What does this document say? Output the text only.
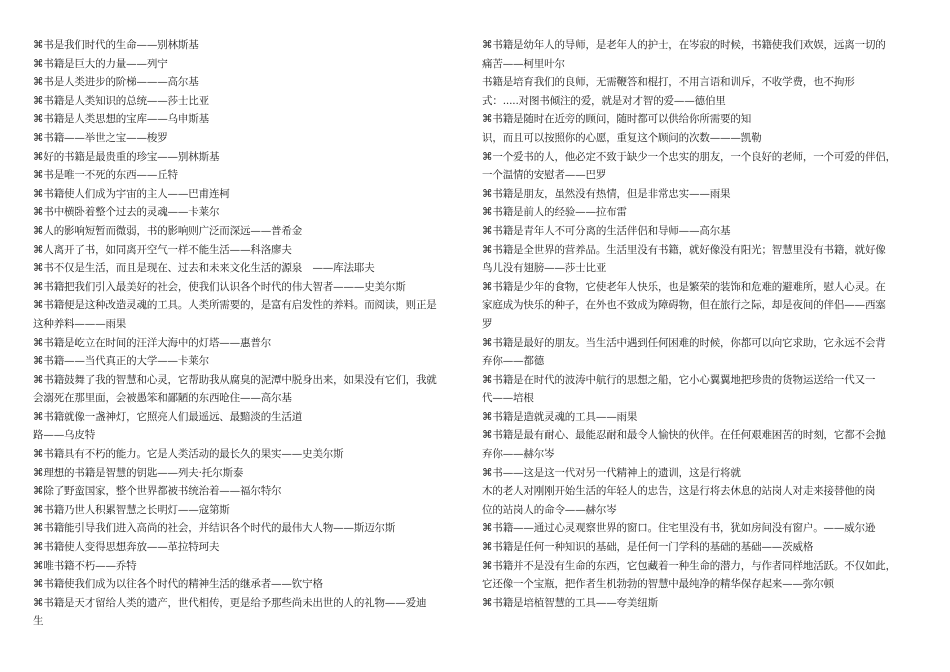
⌘书是我们时代的生命——别林斯基
⌘书籍是巨大的力量——列宁
⌘书是人类进步的阶梯———高尔基
⌘书籍是人类知识的总统——莎士比亚
⌘书籍是人类思想的宝库——乌申斯基
⌘书籍——举世之宝——梭罗
⌘好的书籍是最贵重的珍宝——别林斯基
⌘书是唯一不死的东西——丘特
⌘书籍使人们成为宇宙的主人——巴甫连柯
⌘书中横卧着整个过去的灵魂——卡莱尔
⌘人的影响短暂而微弱，书的影响则广泛而深远——普希金
⌘人离开了书，如同离开空气一样不能生活——科洛廖夫
⌘书不仅是生活，而且是现在、过去和未来文化生活的源泉　——库法耶夫
⌘书籍把我们引入最美好的社会，使我们认识各个时代的伟大智者———史美尔斯
⌘书籍便是这种改造灵魂的工具。人类所需要的，是富有启发性的养料。而阅读，则正是
这种养料———雨果
⌘书籍是屹立在时间的汪洋大海中的灯塔——惠普尔
⌘书籍——当代真正的大学——卡莱尔
⌘书籍鼓舞了我的智慧和心灵，它帮助我从腐臭的泥潭中脱身出来，如果没有它们，我就
会溺死在那里面，会被愚笨和鄙陋的东西呛住——高尔基
⌘书籍就像一盏神灯，它照亮人们最遥远、最黯淡的生活道
路——乌皮特
⌘书籍具有不朽的能力。它是人类活动的最长久的果实——史美尔斯
⌘理想的书籍是智慧的钥匙——列夫·托尔斯泰
⌘除了野蛮国家，整个世界都被书统治着——福尔特尔
⌘书籍乃世人积累智慧之长明灯——寇第斯
⌘书籍能引导我们进入高尚的社会，并结识各个时代的最伟大人物——斯迈尔斯
⌘书籍使人变得思想奔放——革拉特珂夫
⌘唯书籍不朽——乔特
⌘书籍使我们成为以往各个时代的精神生活的继承者——钦宁格
⌘书籍是天才留给人类的遗产，世代相传，更是给予那些尚未出世的人的礼物——爱迪
生
⌘书籍是幼年人的导师，是老年人的护士，在岑寂的时候，书籍使我们欢娱，远离一切的
痛苦——柯里叶尔
书籍是培育我们的良师，无需鞭答和棍打，不用言语和训斥，不收学费，也不拘形
式：.....对图书倾注的爱，就是对才智的爱——德伯里
⌘书籍是随时在近旁的顾问，随时都可以供给你所需要的知
识，而且可以按照你的心愿，重复这个顾问的次数———凯勒
⌘一个爱书的人，他必定不致于缺少一个忠实的朋友，一个良好的老师，一个可爱的伴侣，
一个温情的安慰者——巴罗
⌘书籍是朋友，虽然没有热情，但是非常忠实——雨果
⌘书籍是前人的经验——拉布雷
⌘书籍是青年人不可分离的生活伴侣和导师——高尔基
⌘书籍是全世界的营养品。生活里没有书籍，就好像没有阳光；智慧里没有书籍，就好像
鸟儿没有翅膀——莎士比亚
⌘书籍是少年的食物，它使老年人快乐，也是繁荣的装饰和危难的避难所，慰人心灵。在
家庭成为快乐的种子，在外也不致成为障碍物，但在旅行之际，却是夜间的伴侣——西塞
罗
⌘书籍是最好的朋友。当生活中遇到任何困难的时候，你都可以向它求助，它永远不会背
弃你——都德
⌘书籍是在时代的波涛中航行的思想之船，它小心翼翼地把珍贵的货物运送给一代又一
代——培根
⌘书籍是造就灵魂的工具——雨果
⌘书籍是最有耐心、最能忍耐和最令人愉快的伙伴。在任何艰难困苦的时刻，它都不会抛
弃你——赫尔岑
⌘书——这是这一代对另一代精神上的遗训，这是行将就
木的老人对刚刚开始生活的年轻人的忠告，这是行将去休息的站岗人对走来接替他的岗
位的站岗人的命令——赫尔岑
⌘书籍——通过心灵观察世界的窗口。住宅里没有书，犹如房间没有窗户。——威尔逊
⌘书籍是任何一种知识的基础，是任何一门学科的基础的基础——茨威格
⌘书籍并不是没有生命的东西，它包藏着一种生命的潜力，与作者同样地活跃。不仅如此，
它还像一个宝瓶，把作者生机勃勃的智慧中最纯净的精华保存起来——弥尔顿
⌘书籍是培植智慧的工具——夸美纽斯
